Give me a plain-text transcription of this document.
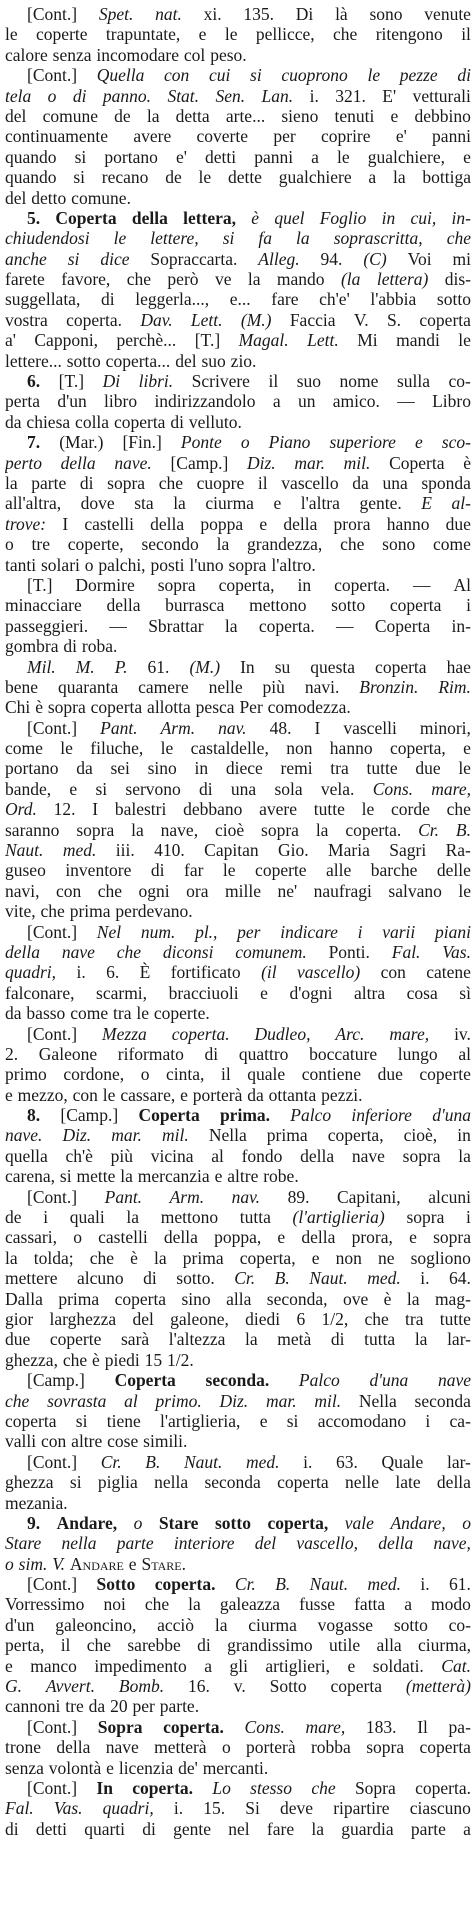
[Cont.] Spet. nat. xi. 135. Di là sono venute
le coperte trapuntate, e le pellicce, che ritengono il
calore senza incomodare col peso.
[Cont.] Quella con cui si cuoprono le pezze di
tela o di panno. Stat. Sen. Lan. i. 321. E' vetturali
del comune de la detta arte... sieno tenuti e debbino
continuamente avere coverte per coprire e' panni
quando si portano e' detti panni a le gualchiere, e
quando si recano de le dette gualchiere a la bottiga
del detto comune.
5. Coperta della lettera, è quel Foglio in cui, in-
chiudendosi le lettere, si fa la soprascritta, che
anche si dice Sopraccarta. Alleg. 94. (C) Voi mi
farete favore, che però ve la mando (la lettera) dis-
suggellata, di leggerla..., e... fare ch'e' l'abbia sotto
vostra coperta. Dav. Lett. (M.) Faccia V. S. coperta
a' Capponi, perchè... [T.] Magal. Lett. Mi mandi le
lettere... sotto coperta... del suo zio.
6. [T.] Di libri. Scrivere il suo nome sulla co-
perta d'un libro indirizzandolo a un amico. — Libro
da chiesa colla coperta di velluto.
7. (Mar.) [Fin.] Ponte o Piano superiore e sco-
perto della nave. [Camp.] Diz. mar. mil. Coperta è
la parte di sopra che cuopre il vascello da una sponda
all'altra, dove sta la ciurma e l'altra gente. E al-
trove: I castelli della poppa e della prora hanno due
o tre coperte, secondo la grandezza, che sono come
tanti solari o palchi, posti l'uno sopra l'altro.
[T.] Dormire sopra coperta, in coperta. — Al
minacciare della burrasca mettono sotto coperta i
passeggieri. — Sbrattar la coperta. — Coperta in-
gombra di roba.
Mil. M. P. 61. (M.) In su questa coperta hae
bene quaranta camere nelle più navi. Bronzin. Rim.
Chi è sopra coperta allotta pesca Per comodezza.
[Cont.] Pant. Arm. nav. 48. I vascelli minori,
come le filuche, le castaldelle, non hanno coperta, e
portano da sei sino in diece remi tra tutte due le
bande, e si servono di una sola vela. Cons. mare,
Ord. 12. I balestri debbano avere tutte le corde che
saranno sopra la nave, cioè sopra la coperta. Cr. B.
Naut. med. iii. 410. Capitan Gio. Maria Sagri Ra-
guseo inventore di far le coperte alle barche delle
navi, con che ogni ora mille ne' naufragi salvano le
vite, che prima perdevano.
[Cont.] Nel num. pl., per indicare i varii piani
della nave che diconsi comunem. Ponti. Fal. Vas.
quadri, i. 6. È fortificato (il vascello) con catene
falconare, scarmi, bracciuoli e d'ogni altra cosa sì
da basso come tra le coperte.
[Cont.] Mezza coperta. Dudleo, Arc. mare, iv.
2. Galeone riformato di quattro boccature lungo al
primo cordone, o cinta, il quale contiene due coperte
e mezzo, con le cassare, e porterà da ottanta pezzi.
8. [Camp.] Coperta prima. Palco inferiore d'una
nave. Diz. mar. mil. Nella prima coperta, cioè, in
quella ch'è più vicina al fondo della nave sopra la
carena, si mette la mercanzia e altre robe.
[Cont.] Pant. Arm. nav. 89. Capitani, alcuni
de i quali la mettono tutta (l'artiglieria) sopra i
cassari, o castelli della poppa, e della prora, e sopra
la tolda; che è la prima coperta, e non ne sogliono
mettere alcuno di sotto. Cr. B. Naut. med. i. 64.
Dalla prima coperta sino alla seconda, ove è la mag-
gior larghezza del galeone, diedi 6 1/2, che tra tutte
due coperte sarà l'altezza la metà di tutta la lar-
ghezza, che è piedi 15 1/2.
[Camp.] Coperta seconda. Palco d'una nave
che sovrasta al primo. Diz. mar. mil. Nella seconda
coperta si tiene l'artiglieria, e si accomodano i ca-
valli con altre cose simili.
[Cont.] Cr. B. Naut. med. i. 63. Quale lar-
ghezza si piglia nella seconda coperta nelle late della
mezania.
9. Andare, o Stare sotto coperta, vale Andare, o
Stare nella parte interiore del vascello, della nave,
o sim. V. Andare e Stare.
[Cont.] Sotto coperta. Cr. B. Naut. med. i. 61.
Vorressimo noi che la galeazza fusse fatta a modo
d'un galeoncino, acciò la ciurma vogasse sotto co-
perta, il che sarebbe di grandissimo utile alla ciurma,
e manco impedimento a gli artiglieri, e soldati. Cat.
G. Avvert. Bomb. 16. v. Sotto coperta (metterà)
cannoni tre da 20 per parte.
[Cont.] Sopra coperta. Cons. mare, 183. Il pa-
trone della nave metterà o porterà robba sopra coperta
senza volontà e licenzia de' mercanti.
[Cont.] In coperta. Lo stesso che Sopra coperta.
Fal. Vas. quadri, i. 15. Si deve ripartire ciascuno
di detti quarti di gente nel fare la guardia parte a
